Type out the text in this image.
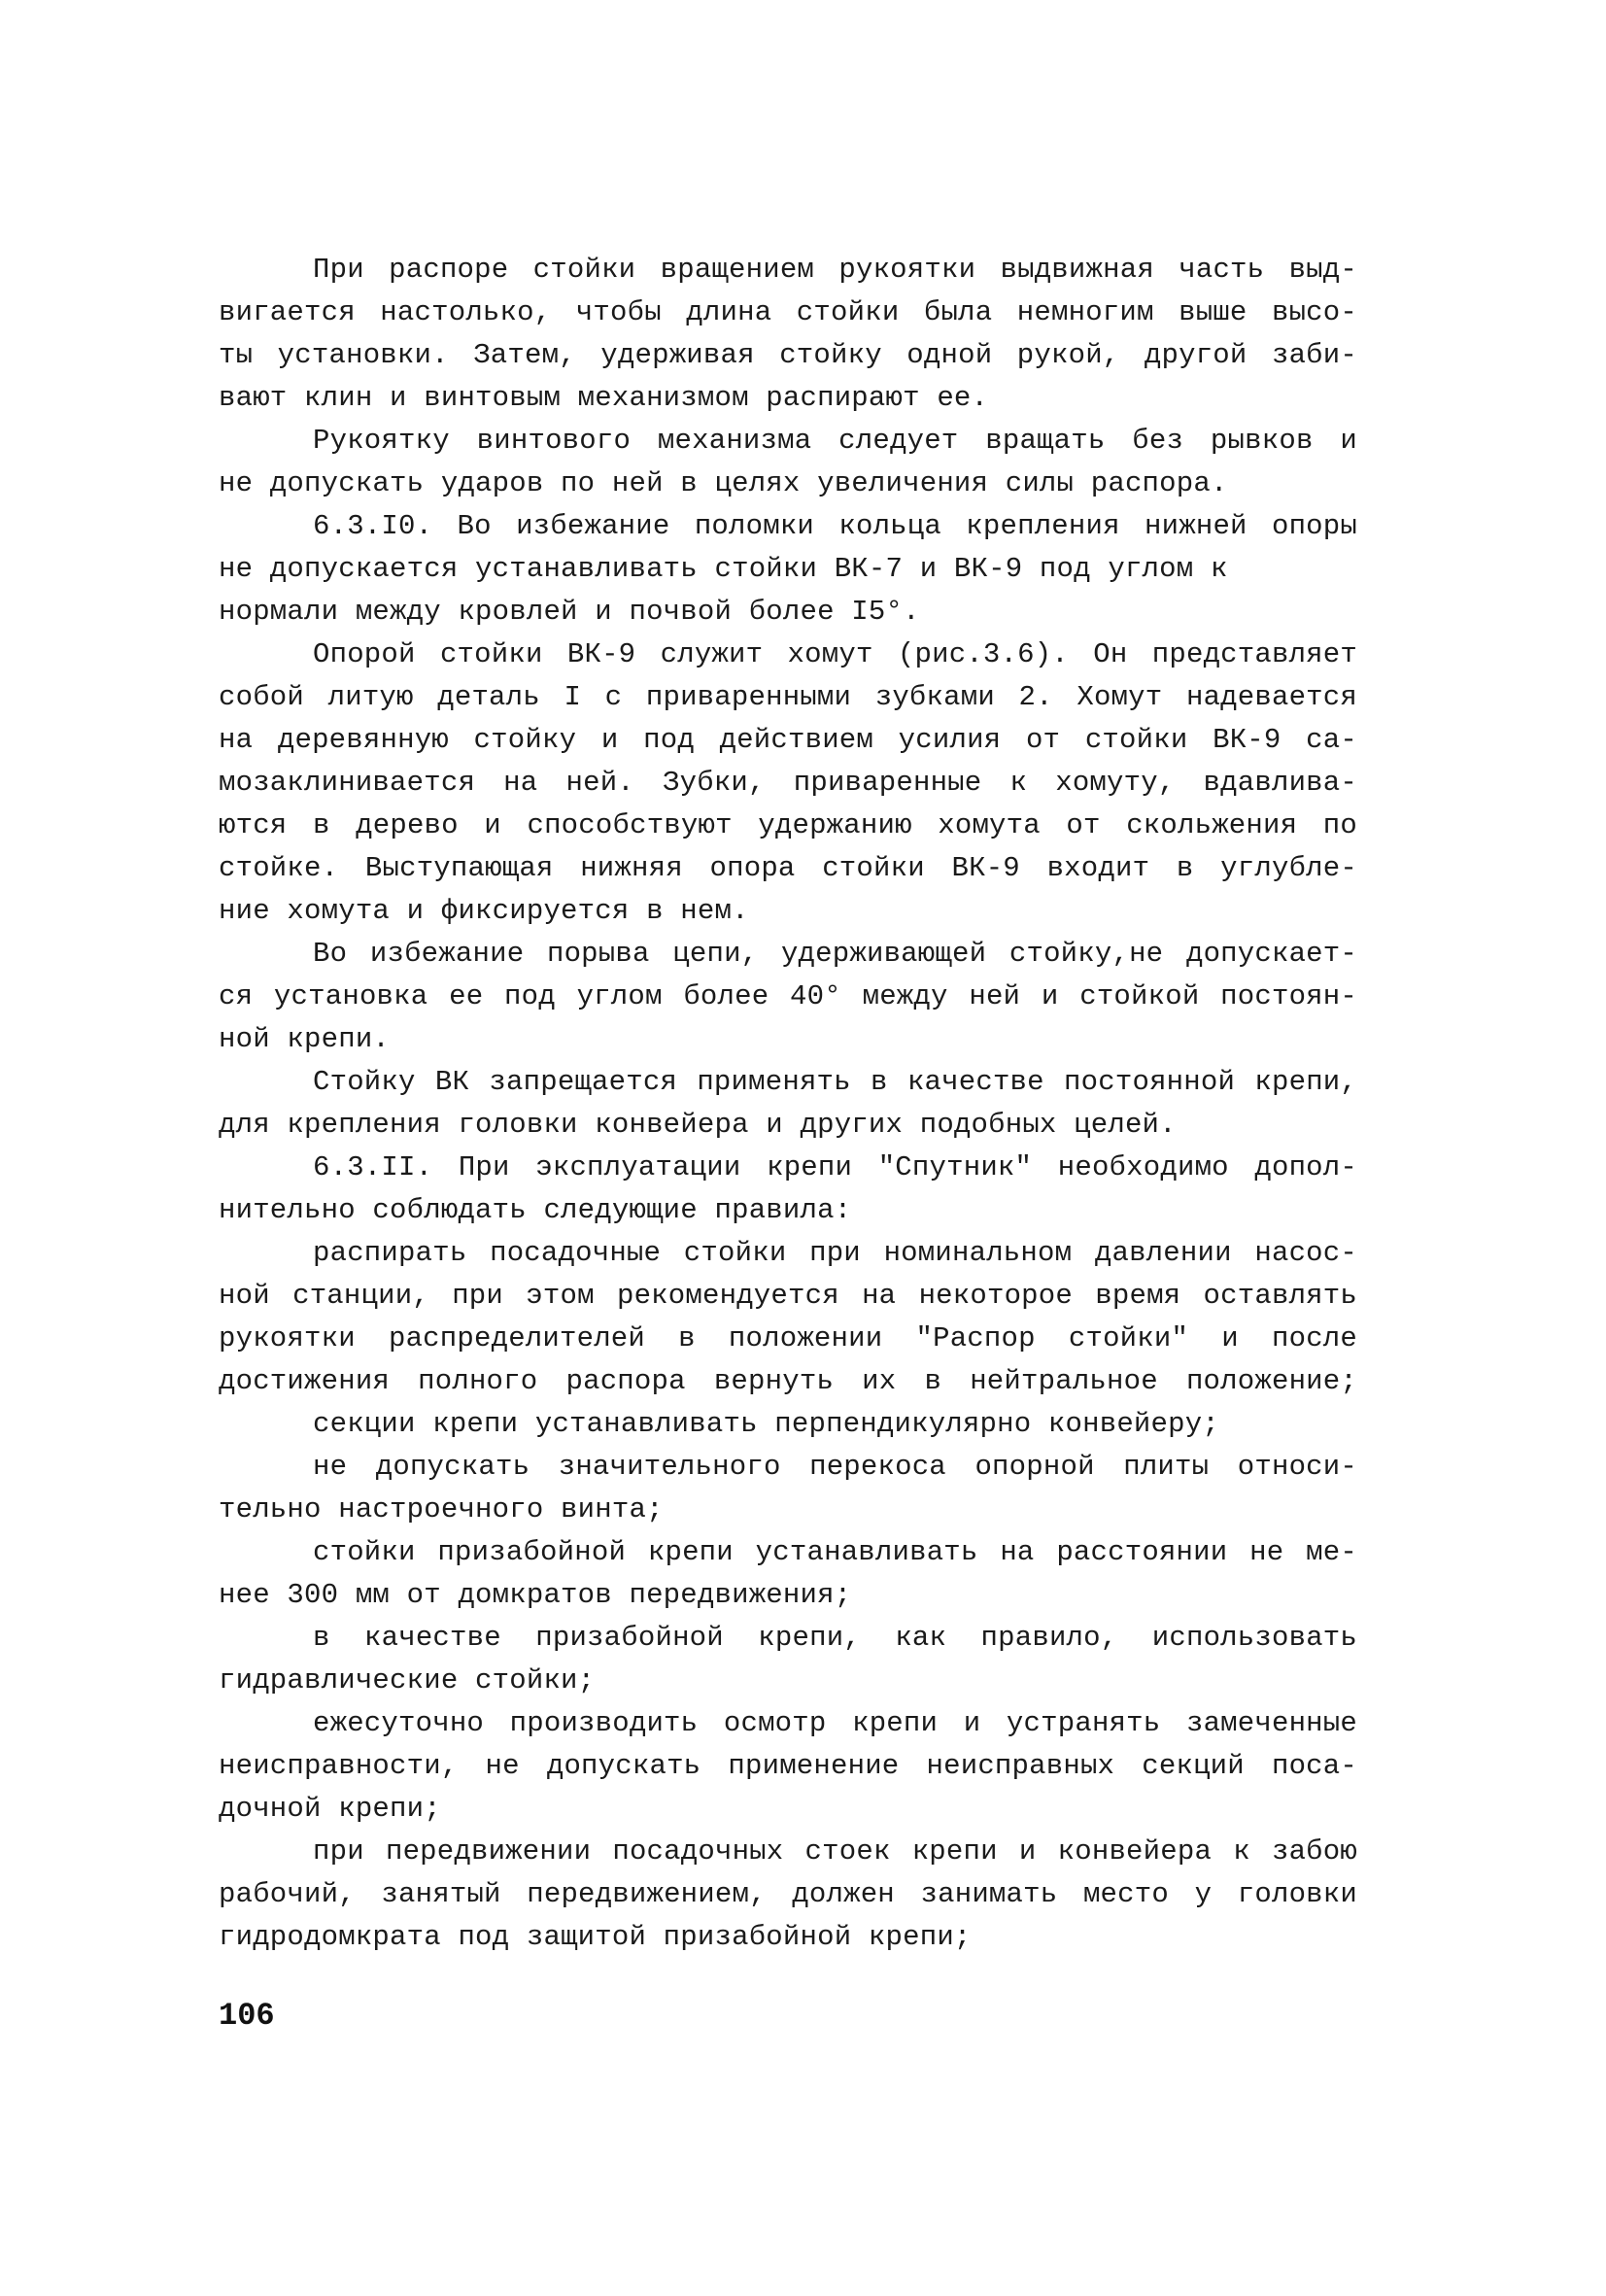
При распоре стойки вращением рукоятки выдвижная часть выд-
вигается настолько, чтобы длина стойки была немногим выше высо-
ты установки. Затем, удерживая стойку одной рукой, другой заби-
вают клин и винтовым механизмом распирают ее.
Рукоятку винтового механизма следует вращать без рывков и
не допускать ударов по ней в целях увеличения силы распора.
6.3.I0. Во избежание поломки кольца крепления нижней опоры
не допускается устанавливать стойки ВК-7 и ВК-9 под углом к
нормали между кровлей и почвой более I5°.
Опорой стойки ВК-9 служит хомут (рис.3.6). Он представляет
собой литую деталь I с приваренными зубками 2. Хомут надевается
на деревянную стойку и под действием усилия от стойки ВК-9 са-
мозаклинивается на ней. Зубки, приваренные к хомуту, вдавлива-
ются в дерево и способствуют удержанию хомута от скольжения по
стойке. Выступающая нижняя опора стойки ВК-9 входит в углубле-
ние хомута и фиксируется в нем.
Во избежание порыва цепи, удерживающей стойку,не допускает-
ся установка ее под углом более 40° между ней и стойкой постоян-
ной крепи.
Стойку ВК запрещается применять в качестве постоянной крепи,
для крепления головки конвейера и других подобных целей.
6.3.II. При эксплуатации крепи "Спутник" необходимо допол-
нительно соблюдать следующие правила:
распирать посадочные стойки при номинальном давлении насос-
ной станции, при этом рекомендуется на некоторое время оставлять
рукоятки распределителей в положении "Распор стойки" и после
достижения полного распора вернуть их в нейтральное положение;
секции крепи устанавливать перпендикулярно конвейеру;
не допускать значительного перекоса опорной плиты относи-
тельно настроечного винта;
стойки призабойной крепи устанавливать на расстоянии не ме-
нее 300 мм от домкратов передвижения;
в качестве призабойной крепи, как правило, использовать
гидравлические стойки;
ежесуточно производить осмотр крепи и устранять замеченные
неисправности, не допускать применение неисправных секций поса-
дочной крепи;
при передвижении посадочных стоек крепи и конвейера к забою
рабочий, занятый передвижением, должен занимать место у головки
гидродомкрата под защитой призабойной крепи;
106
